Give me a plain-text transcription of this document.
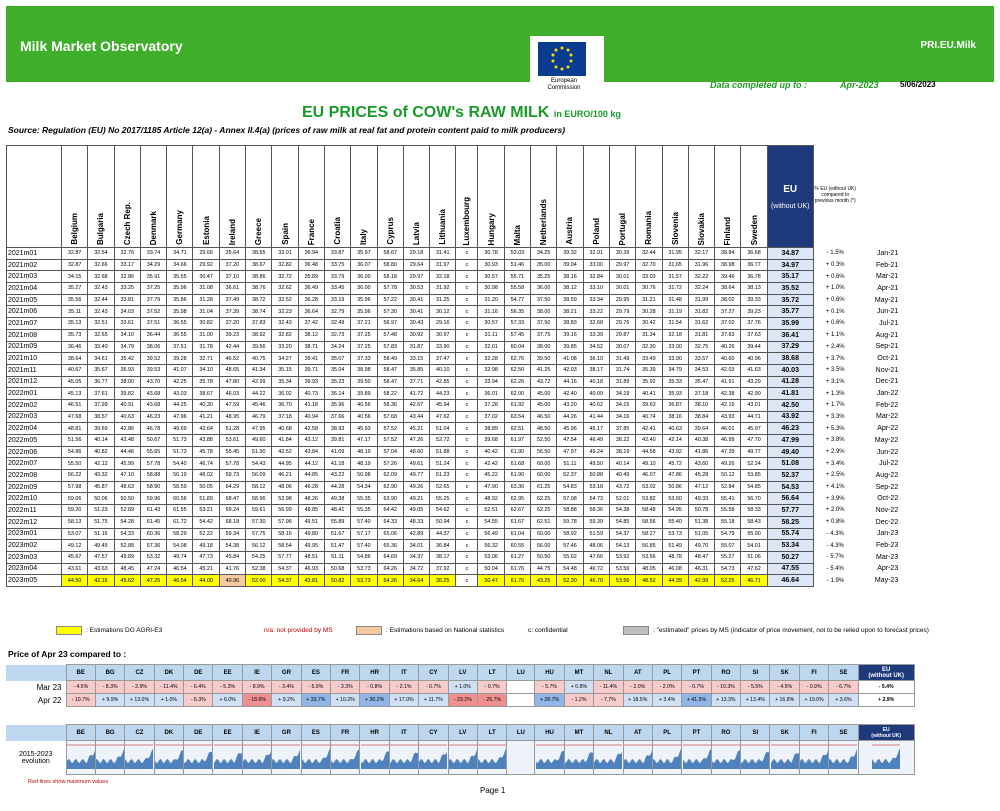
Milk Market Observatory	PRI.EU.Milk
European Commission	Data completed up to :	Apr-2023	5/06/2023
EU PRICES of COW's RAW MILK in EURO/100 kg
Source: Regulation (EU) No 2017/1185 Article 12(a) - Annex II.4(a) (prices of raw milk at real fat and protein content paid to milk producers)
	Belgium	Bulgaria	Czech Rep.	Denmark	Germany	Estonia	Ireland	Greece	Spain	France	Croatia	Italy	Cyprus	Latvia	Lithuania	Luxembourg	Hungary	Malta	Netherlands	Austria	Poland	Portugal	Romania	Slovenia	Slovakia	Finland	Sweden	EU
(without UK)	% EU (without UK) compared to previous month (*)	
2021m01	32.87	32.54	32.76	33.74	34.71	29.66	35.64	38.55	33.01	36.94	33.87	35.97	58.67	29.18	31.41	c	30.78	53.03	34.25	39.32	32.91	30.39	32.44	31.95	32.17	38.84	36.68	34.87	- 1.5%	Jan-21
2021m02	32.87	32.66	33.17	34.29	34.66	29.92	37.20	38.67	32.82	36.48	33.75	36.07	58.80	29.64	31.97	c	30.93	51.46	35.00	39.04	33.00	29.97	32.70	31.65	31.96	38.98	36.77	34.97	+ 0.3%	Feb-21
2021m03	34.15	32.68	32.86	35.91	35.55	30.47	37.10	38.86	32.72	35.89	33.79	36.00	58.18	29.97	32.18	c	30.57	55.71	35.25	38.16	32.84	30.01	33.03	31.57	32.22	39.46	36.78	35.17	+ 0.6%	Mar-21
2021m04	35.27	32.43	33.25	37.25	35.96	31.08	36.61	38.76	32.62	36.49	33.45	36.00	57.78	30.53	31.92	c	30.98	55.58	36.00	38.12	33.10	30.01	30.76	31.72	32.24	38.64	38.13	35.52	+ 1.0%	Apr-21
2021m05	35.56	32.44	33.81	37.79	35.86	31.28	37.49	38.72	32.52	36.28	33.19	35.96	57.22	30.41	31.25	c	31.20	54.77	37.50	38.59	33.34	29.95	31.21	31.48	31.99	38.02	39.33	35.72	+ 0.6%	May-21
2021m06	35.11	32.43	34.03	37.52	35.98	31.04	37.39	38.74	32.23	36.64	32.79	35.96	57.30	30.41	30.12	c	31.16	56.35	38.00	38.21	33.22	29.79	30.28	31.19	31.82	37.27	39.23	35.77	+ 0.1%	Jun-21
2021m07	35.13	32.51	33.61	37.51	36.55	30.82	37.20	37.83	32.43	37.42	32.49	37.21	56.97	30.43	29.16	c	30.57	57.33	37.50	38.83	32.68	29.76	30.42	31.54	31.62	37.02	37.76	35.99	+ 0.6%	Jul-21
2021m08	35.73	32.65	34.10	36.44	36.55	31.00	39.23	38.92	32.82	38.12	32.73	37.25	57.48	30.92	30.97	c	31.11	57.45	37.75	39.16	33.39	29.87	31.34	32.18	31.81	37.83	37.63	36.41	+ 1.1%	Aug-21
2021m09	36.46	33.40	34.79	38.06	37.51	31.78	42.44	39.56	33.20	38.71	34.24	37.25	57.83	31.87	33.90	c	32.01	60.04	38.00	39.85	34.52	30.07	32.30	33.00	32.75	40.26	39.44	37.29	+ 2.4%	Sep-21
2021m10	38.64	34.61	35.42	39.52	39.28	32.71	46.52	40.75	34.27	39.41	35.07	37.33	58.49	33.15	37.47	c	32.28	62.76	39.50	41.08	36.10	31.49	33.49	33.90	33.57	40.60	40.96	38.68	+ 3.7%	Oct-21
2021m11	40.67	35.67	36.93	39.53	41.07	34.10	48.65	41.34	35.15	39.71	35.04	38.98	58.47	35.85	40.10	c	32.98	62.50	41.25	42.03	38.17	31.74	35.39	34.79	34.53	42.03	41.63	40.03	+ 3.5%	Nov-21
2021m12	45.05	36.77	38.00	43.70	42.25	35.78	47.80	42.99	35.34	39.93	35.23	39.50	58.47	37.71	42.85	c	33.94	62.26	43.72	44.16	40.18	31.89	35.92	35.33	35.47	41.91	43.29	41.28	+ 3.1%	Dec-21
2022m01	45.13	37.61	39.82	43.68	43.03	38.67	46.03	44.22	36.02	40.73	36.14	39.89	58.22	41.72	44.23	c	36.01	62.00	45.00	42.40	40.09	34.19	40.41	35.93	37.18	42.38	42.90	41.81	+ 1.3%	Jan-22
2022m02	46.51	37.99	40.91	43.68	44.25	40.30	47.59	45.46	36.70	41.18	35.96	40.56	58.36	42.67	45.94	c	37.28	61.92	45.00	43.20	40.62	34.15	39.63	36.87	38.10	42.15	43.01	42.50	+ 1.7%	Feb-22
2022m03	47.68	38.57	40.63	46.23	47.96	41.21	48.95	46.79	37.18	40.94	37.66	40.56	57.68	43.44	47.62	c	37.02	63.54	46.50	44.26	41.44	34.16	40.74	38.16	38.84	43.93	44.71	43.92	+ 3.3%	Mar-22
2022m04	48.81	39.69	42.86	46.78	49.69	42.64	51.28	47.95	40.68	42.58	38.93	45.93	57.52	45.21	51.04	c	38.89	62.51	48.50	45.96	45.17	37.85	42.41	40.63	39.64	46.01	45.97	46.23	+ 5.3%	Apr-22
2022m05	51.56	40.14	43.48	50.67	51.73	43.88	53.61	49.60	41.84	43.12	39.81	47.17	57.52	47.26	52.72	c	39.68	61.97	52.50	47.54	46.49	38.22	42.40	42.14	40.38	46.99	47.70	47.99	+ 3.8%	May-22
2022m06	54.86	40.82	44.46	55.65	51.73	45.78	55.45	51.90	42.52	43.84	41.09	48.19	57.04	48.60	51.88	c	40.42	61.90	56.50	47.97	49.24	38.19	44.58	43.92	41.86	47.39	49.77	49.40	+ 2.9%	Jun-22
2022m07	55.50	42.12	45.99	57.78	54.40	46.74	57.78	54.43	44.95	44.12	41.18	48.19	57.26	49.61	51.24	c	42.42	61.68	60.00	51.11	49.50	40.14	49.10	45.72	43.60	49.26	52.24	51.08	+ 3.4%	Jul-22
2022m08	56.22	43.32	47.10	58.88	56.19	48.02	59.73	56.09	46.21	44.85	43.22	50.98	62.09	49.77	51.23	c	45.22	61.90	60.00	52.37	50.88	40.49	46.07	47.86	45.28	50.12	53.85	52.37	+ 2.5%	Aug-22
2022m09	57.98	45.87	48.63	58.90	58.59	50.05	64.29	58.12	48.06	46.28	44.28	54.34	62.90	49.26	52.65	c	47.90	63.36	61.25	54.83	53.18	43.72	53.02	50.86	47.12	52.84	54.85	54.53	+ 4.1%	Sep-22
2022m10	59.06	50.06	50.50	59.96	60.56	51.89	68.47	58.96	53.98	48.26	49.38	55.35	63.90	49.21	55.25	c	48.92	62.95	62.25	57.08	54.73	52.01	53.82	53.60	49.33	55.41	56.70	56.64	+ 3.9%	Oct-22
2022m11	59.20	51.23	52.89	61.43	61.55	53.21	69.24	59.61	56.99	48.85	48.41	55.35	64.42	49.05	54.62	c	52.51	62.67	62.25	58.88	58.36	54.38	58.48	54.95	50.78	55.58	58.33	57.77	+ 2.0%	Nov-22
2022m12	58.13	51.75	54.28	61.45	61.72	54.42	68.18	57.30	57.96	49.51	55.89	57.40	64.33	48.33	50.94	c	54.55	61.67	62.51	59.78	59.39	54.85	58.56	55.40	51.38	55.18	58.43	58.25	+ 0.8%	Dec-22
2023m01	53.07	51.16	54.33	60.36	58.29	52.22	59.34	57.75	58.16	49.80	51.67	57.17	65.06	42.89	44.37	c	56.49	61.04	60.00	58.92	51.59	54.37	58.27	53.73	51.05	54.79	55.90	55.74	- 4.3%	Jan-23
2023m02	49.12	49.45	52.88	57.36	54.08	49.18	54.38	56.12	58.54	49.95	51.47	57.40	65.36	34.01	36.84	c	56.32	60.55	56.00	57.46	48.06	54.13	56.85	51.49	49.70	55.07	54.01	53.34	- 4.3%	Feb-23
2023m03	45.67	47.57	49.89	53.32	49.74	47.73	45.84	54.25	57.77	48.51	51.11	54.86	64.69	34.37	38.17	c	53.06	61.27	50.50	55.62	47.66	53.92	53.56	48.78	48.47	55.27	51.06	50.27	- 5.7%	Mar-23
2023m04	43.61	43.63	48.45	47.24	46.54	45.21	41.76	52.38	54.37	46.93	50.68	53.73	64.26	34.72	37.92	c	50.04	61.76	44.75	54.48	46.72	53.56	48.05	46.08	46.31	54.73	47.62	47.55	- 5.4%	Apr-23
2023m05	44.50	42.16	45.62	47.25	46.54	44.00	40.96	52.00	54.37	43.81	50.82	53.73	64.26	34.64	36.25	c	50.47	61.76	43.25	52.30	46.70	53.56	48.52	44.39	42.99	52.25	46.71	46.64	- 1.9%	May-23
: Estimations DG AGRI-E3	n/a: not provided by MS	: Estimations based on National statistics	c: confidential	: "estimated" prices by MS (indicator of price movement, not to be relied upon to forecast prices)
Price of Apr 23 compared to :
	BE	BG	CZ	DK	DE	EE	IE	GR	ES	FR	HR	IT	CY	LV	LT	LU	HU	MT	NL	AT	PL	PT	RO	SI	SK	FI	SE	EU
(without UK)

Mar 23	- 4.5%	- 8.3%	- 2.9%	- 11.4%	- 6.4%	- 5.3%	- 8.9%	- 3.4%	- 5.9%	- 3.3%	- 0.8%	- 2.1%	- 0.7%	+ 1.0%	- 0.7%		- 5.7%	+ 0.8%	- 11.4%	- 2.0%	- 2.0%	- 0.7%	- 10.3%	- 5.5%	- 4.5%	- 0.9%	- 6.7%	- 5.4%
Apr 22	- 10.7%	+ 9.9%	+ 13.0%	+ 1.0%	- 6.3%	+ 6.0%	- 18.6%	+ 9.2%	+ 33.7%	+ 10.2%	+ 30.2%	+ 17.0%	+ 11.7%	- 23.2%	- 25.7%		+ 28.7%	- 1.2%	- 7.7%	+ 18.5%	+ 3.4%	+ 41.5%	+ 13.3%	+ 13.4%	+ 16.8%	+ 19.0%	+ 3.6%	+ 2.9%
	BE	BG	CZ	DK	DE	EE	IE	GR	ES	FR	HR	IT	CY	LV	LT	LU	HU	MT	NL	AT	PL	PT	RO	SI	SK	FI	SE	EU
(without UK)

2015-2023 evolution																												
Red lines show maximum values
Page 1
